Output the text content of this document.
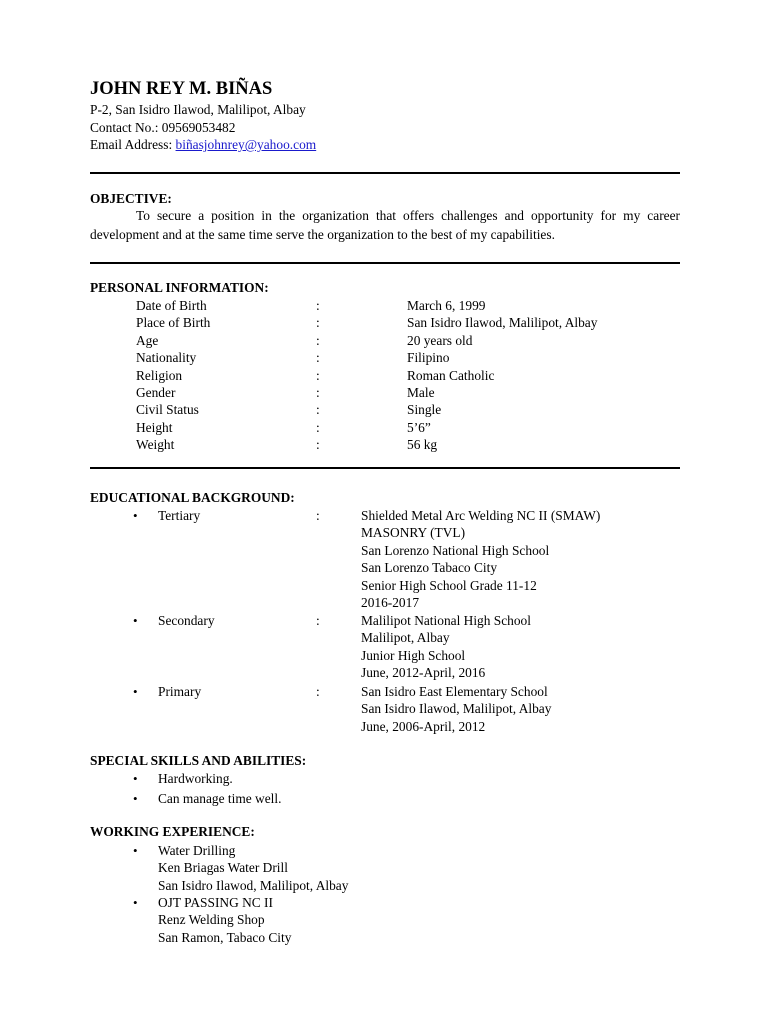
JOHN REY M. BIÑAS
P-2, San Isidro Ilawod, Malilipot, Albay
Contact No.: 09569053482
Email Address: biñasjohnrey@yahoo.com
OBJECTIVE:
To secure a position in the organization that offers challenges and opportunity for my career development and at the same time serve the organization to the best of my capabilities.
PERSONAL INFORMATION:
Date of Birth	:	March 6, 1999
Place of Birth	:	San Isidro Ilawod, Malilipot, Albay
Age	:	20 years old
Nationality	:	Filipino
Religion	:	Roman Catholic
Gender	:	Male
Civil Status	:	Single
Height	:	5’6”
Weight	:	56 kg
EDUCATIONAL BACKGROUND:
• Tertiary	:	Shielded Metal Arc Welding NC II (SMAW)
MASONRY (TVL)
San Lorenzo National High School
San Lorenzo Tabaco City
Senior High School Grade 11-12
2016-2017
• Secondary	:	Malilipot National High School
Malilipot, Albay
Junior High School
June, 2012-April, 2016
• Primary	:	San Isidro East Elementary School
San Isidro Ilawod, Malilipot, Albay
June, 2006-April, 2012
SPECIAL SKILLS AND ABILITIES:
• Hardworking.
• Can manage time well.
WORKING EXPERIENCE:
• Water Drilling
Ken Briagas Water Drill
San Isidro Ilawod, Malilipot, Albay
• OJT PASSING NC II
Renz Welding Shop
San Ramon, Tabaco City
